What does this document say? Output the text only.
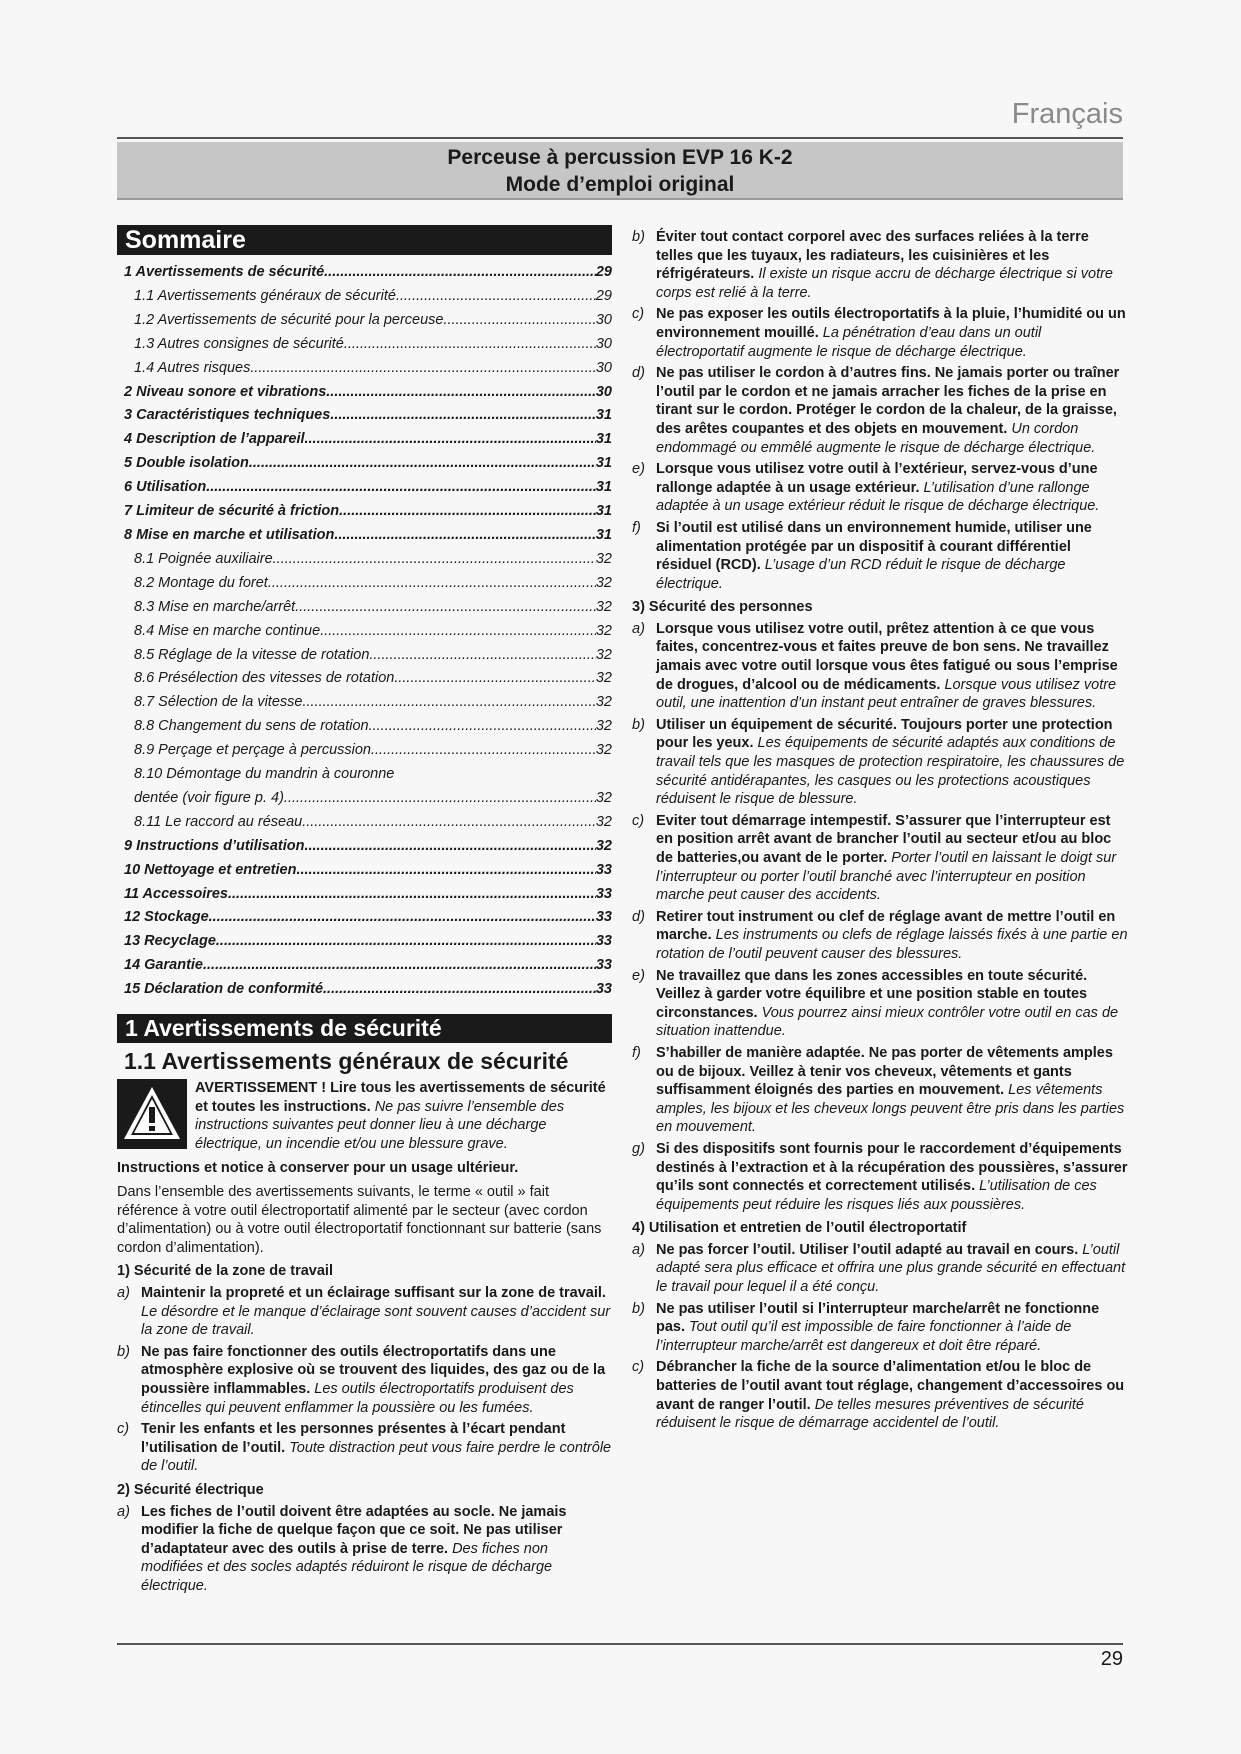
Français
Perceuse à percussion EVP 16 K-2
Mode d’emploi original
Sommaire
1 Avertissements de sécurité .....	29
1.1 Avertissements généraux de sécurité .....	29
1.2 Avertissements de sécurité pour la perceuse .....	30
1.3 Autres consignes de sécurité .....	30
1.4 Autres risques .....	30
2 Niveau sonore et vibrations .....	30
3 Caractéristiques techniques .....	31
4 Description de l’appareil .....	31
5 Double isolation .....	31
6 Utilisation .....	31
7 Limiteur de sécurité à friction .....	31
8 Mise en marche et utilisation .....	31
8.1 Poignée auxiliaire .....	32
8.2 Montage du foret .....	32
8.3 Mise en marche/arrêt .....	32
8.4 Mise en marche continue .....	32
8.5 Réglage de la vitesse de rotation .....	32
8.6 Présélection des vitesses de rotation .....	32
8.7 Sélection de la vitesse .....	32
8.8 Changement du sens de rotation .....	32
8.9 Perçage et perçage à percussion .....	32
8.10 Démontage du mandrin à couronne
dentée (voir figure p. 4) .....	32
8.11 Le raccord au réseau .....	32
9 Instructions d’utilisation .....	32
10 Nettoyage et entretien .....	33
11 Accessoires .....	33
12 Stockage .....	33
13 Recyclage .....	33
14 Garantie .....	33
15 Déclaration de conformité .....	33
1 Avertissements de sécurité
1.1 Avertissements généraux de sécurité
AVERTISSEMENT ! Lire tous les avertissements de sécurité et toutes les instructions. Ne pas suivre l’ensemble des instructions suivantes peut donner lieu à une décharge électrique, un incendie et/ou une blessure grave.

Instructions et notice à conserver pour un usage ultérieur.

Dans l’ensemble des avertissements suivants, le terme « outil » fait référence à votre outil électroportatif alimenté par le secteur (avec cordon d’alimentation) ou à votre outil électroportatif fonctionnant sur batterie (sans cordon d’alimentation).

1) Sécurité de la zone de travail
a) Maintenir la propreté et un éclairage suffisant sur la zone de travail. Le désordre et le manque d’éclairage sont souvent causes d’accident sur la zone de travail.
b) Ne pas faire fonctionner des outils électroportatifs dans une atmosphère explosive où se trouvent des liquides, des gaz ou de la poussière inflammables. Les outils électroportatifs produisent des étincelles qui peuvent enflammer la poussière ou les fumées.
c) Tenir les enfants et les personnes présentes à l’écart pendant l’utilisation de l’outil. Toute distraction peut vous faire perdre le contrôle de l’outil.
2) Sécurité électrique
a) Les fiches de l’outil doivent être adaptées au socle. Ne jamais modifier la fiche de quelque façon que ce soit. Ne pas utiliser d’adaptateur avec des outils à prise de terre. Des fiches non modifiées et des socles adaptés réduiront le risque de décharge électrique.
b) Éviter tout contact corporel avec des surfaces reliées à la terre telles que les tuyaux, les radiateurs, les cuisinières et les réfrigérateurs. Il existe un risque accru de décharge électrique si votre corps est relié à la terre.
c) Ne pas exposer les outils électroportatifs à la pluie, l’humidité ou un environnement mouillé. La pénétration d’eau dans un outil électroportatif augmente le risque de décharge électrique.
d) Ne pas utiliser le cordon à d’autres fins. Ne jamais porter ou traîner l’outil par le cordon et ne jamais arracher les fiches de la prise en tirant sur le cordon. Protéger le cordon de la chaleur, de la graisse, des arêtes coupantes et des objets en mouvement. Un cordon endommagé ou emmêlé augmente le risque de décharge électrique.
e) Lorsque vous utilisez votre outil à l’extérieur, servez-vous d’une rallonge adaptée à un usage extérieur. L’utilisation d’une rallonge adaptée à un usage extérieur réduit le risque de décharge électrique.
f)	Si l’outil est utilisé dans un environnement humide, utiliser une alimentation protégée par un dispositif à courant différentiel résiduel (RCD). L’usage d’un RCD réduit le risque de décharge électrique.
3) Sécurité des personnes
a) Lorsque vous utilisez votre outil, prêtez attention à ce que vous faites, concentrez-vous et faites preuve de bon sens. Ne travaillez jamais avec votre outil lorsque vous êtes fatigué ou sous l’emprise de drogues, d’alcool ou de médicaments. Lorsque vous utilisez votre outil, une inattention d’un instant peut entraîner de graves blessures.
b) Utiliser un équipement de sécurité. Toujours porter une protection pour les yeux. Les équipements de sécurité adaptés aux conditions de travail tels que les masques de protection respiratoire, les chaussures de sécurité antidérapantes, les casques ou les protections acoustiques réduisent le risque de blessure.
c) Eviter tout démarrage intempestif. S’assurer que l’interrupteur est en position arrêt avant de brancher l’outil au secteur et/ou au bloc de batteries,ou avant de le porter. Porter l’outil en laissant le doigt sur l’interrupteur ou porter l’outil branché avec l’interrupteur en position marche peut causer des accidents.
d) Retirer tout instrument ou clef de réglage avant de mettre l’outil en marche. Les instruments ou clefs de réglage laissés fixés à une partie en rotation de l’outil peuvent causer des blessures.
e) Ne travaillez que dans les zones accessibles en toute sécurité. Veillez à garder votre équilibre et une position stable en toutes circonstances. Vous pourrez ainsi mieux contrôler votre outil en cas de situation inattendue.
f)	S’habiller de manière adaptée. Ne pas porter de vêtements amples ou de bijoux. Veillez à tenir vos cheveux, vêtements et gants suffisamment éloignés des parties en mouvement. Les vêtements amples, les bijoux et les cheveux longs peuvent être pris dans les parties en mouvement.
g) Si des dispositifs sont fournis pour le raccordement d’équipements destinés à l’extraction et à la récupération des poussières, s’assurer qu’ils sont connectés et correctement utilisés. L’utilisation de ces équipements peut réduire les risques liés aux poussières.
4) Utilisation et entretien de l’outil électroportatif
a) Ne pas forcer l’outil. Utiliser l’outil adapté au travail en cours. L’outil adapté sera plus efficace et offrira une plus grande sécurité en effectuant le travail pour lequel il a été conçu.
b) Ne pas utiliser l’outil si l’interrupteur marche/arrêt ne fonctionne pas. Tout outil qu’il est impossible de faire fonctionner à l’aide de l’interrupteur marche/arrêt est dangereux et doit être réparé.
c) Débrancher la fiche de la source d’alimentation et/ou le bloc de batteries de l’outil avant tout réglage, changement d’accessoires ou avant de ranger l’outil. De telles mesures préventives de sécurité réduisent le risque de démarrage accidentel de l’outil.
29
